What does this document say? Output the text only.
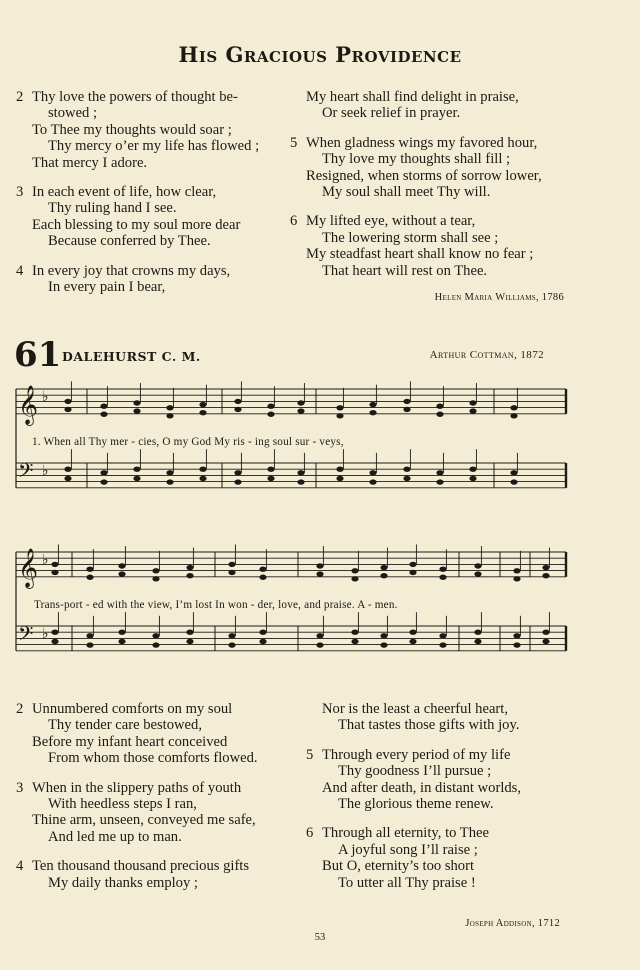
His Gracious Providence
2 Thy love the powers of thought be-
stowed ;
To Thee my thoughts would soar ;
Thy mercy o’er my life has flowed ;
That mercy I adore.
3 In each event of life, how clear,
Thy ruling hand I see.
Each blessing to my soul more dear
Because conferred by Thee.
4 In every joy that crowns my days,
In every pain I bear,
My heart shall find delight in praise,
Or seek relief in prayer.
5 When gladness wings my favored hour,
Thy love my thoughts shall fill ;
Resigned, when storms of sorrow lower,
My soul shall meet Thy will.
6 My lifted eye, without a tear,
The lowering storm shall see ;
My steadfast heart shall know no fear ;
That heart will rest on Thee.
Helen Maria Williams, 1786
61 DALEHURST C. M.	Arthur Cottman, 1872
𝄞
𝄢
♭
♭
1. When all Thy mer - cies, O my God My ris - ing soul sur - veys,
𝄞
𝄢
♭
♭
Trans-port - ed with the view, I’m lost In won - der, love, and praise. A - men.
2 Unnumbered comforts on my soul
Thy tender care bestowed,
Before my infant heart conceived
From whom those comforts flowed.
3 When in the slippery paths of youth
With heedless steps I ran,
Thine arm, unseen, conveyed me safe,
And led me up to man.
4 Ten thousand thousand precious gifts
My daily thanks employ ;
Nor is the least a cheerful heart,
That tastes those gifts with joy.
5 Through every period of my life
Thy goodness I’ll pursue ;
And after death, in distant worlds,
The glorious theme renew.
6 Through all eternity, to Thee
A joyful song I’ll raise ;
But O, eternity’s too short
To utter all Thy praise !
Joseph Addison, 1712
53
